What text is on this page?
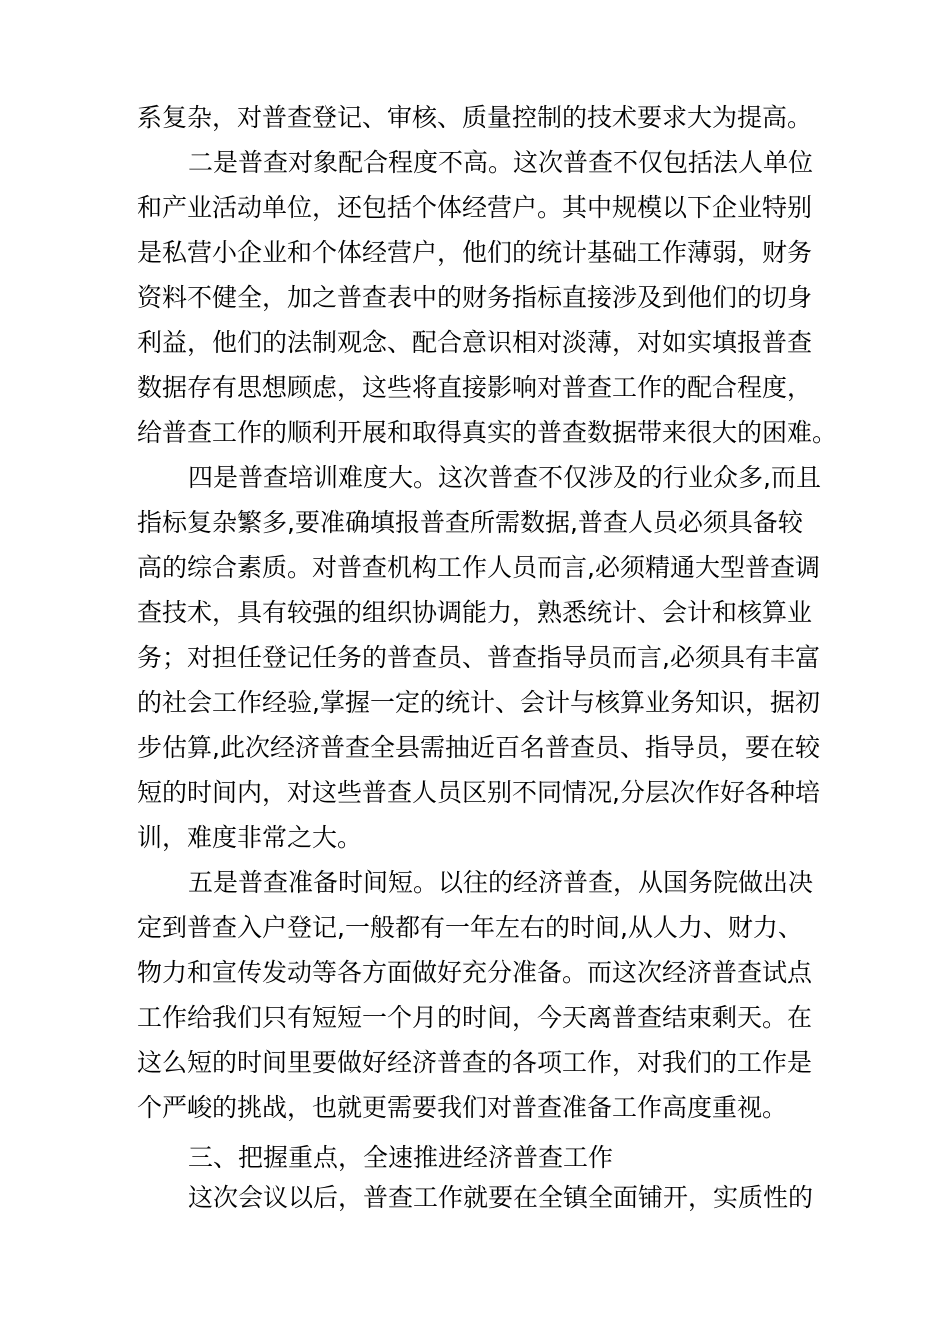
系复杂，对普查登记、审核、质量控制的技术要求大为提高。
二是普查对象配合程度不高。这次普查不仅包括法人单位
和产业活动单位，还包括个体经营户。其中规模以下企业特别
是私营小企业和个体经营户，他们的统计基础工作薄弱，财务
资料不健全，加之普查表中的财务指标直接涉及到他们的切身
利益，他们的法制观念、配合意识相对淡薄，对如实填报普查
数据存有思想顾虑，这些将直接影响对普查工作的配合程度，
给普查工作的顺利开展和取得真实的普查数据带来很大的困难。
四是普查培训难度大。这次普查不仅涉及的行业众多,而且
指标复杂繁多,要准确填报普查所需数据,普查人员必须具备较
高的综合素质。对普查机构工作人员而言,必须精通大型普查调
查技术，具有较强的组织协调能力，熟悉统计、会计和核算业
务；对担任登记任务的普查员、普查指导员而言,必须具有丰富
的社会工作经验,掌握一定的统计、会计与核算业务知识，据初
步估算,此次经济普查全县需抽近百名普查员、指导员，要在较
短的时间内，对这些普查人员区别不同情况,分层次作好各种培
训，难度非常之大。
五是普查准备时间短。以往的经济普查，从国务院做出决
定到普查入户登记,一般都有一年左右的时间,从人力、财力、
物力和宣传发动等各方面做好充分准备。而这次经济普查试点
工作给我们只有短短一个月的时间，今天离普查结束剩天。在
这么短的时间里要做好经济普查的各项工作，对我们的工作是
个严峻的挑战，也就更需要我们对普查准备工作高度重视。
三、把握重点，全速推进经济普查工作
这次会议以后，普查工作就要在全镇全面铺开，实质性的
